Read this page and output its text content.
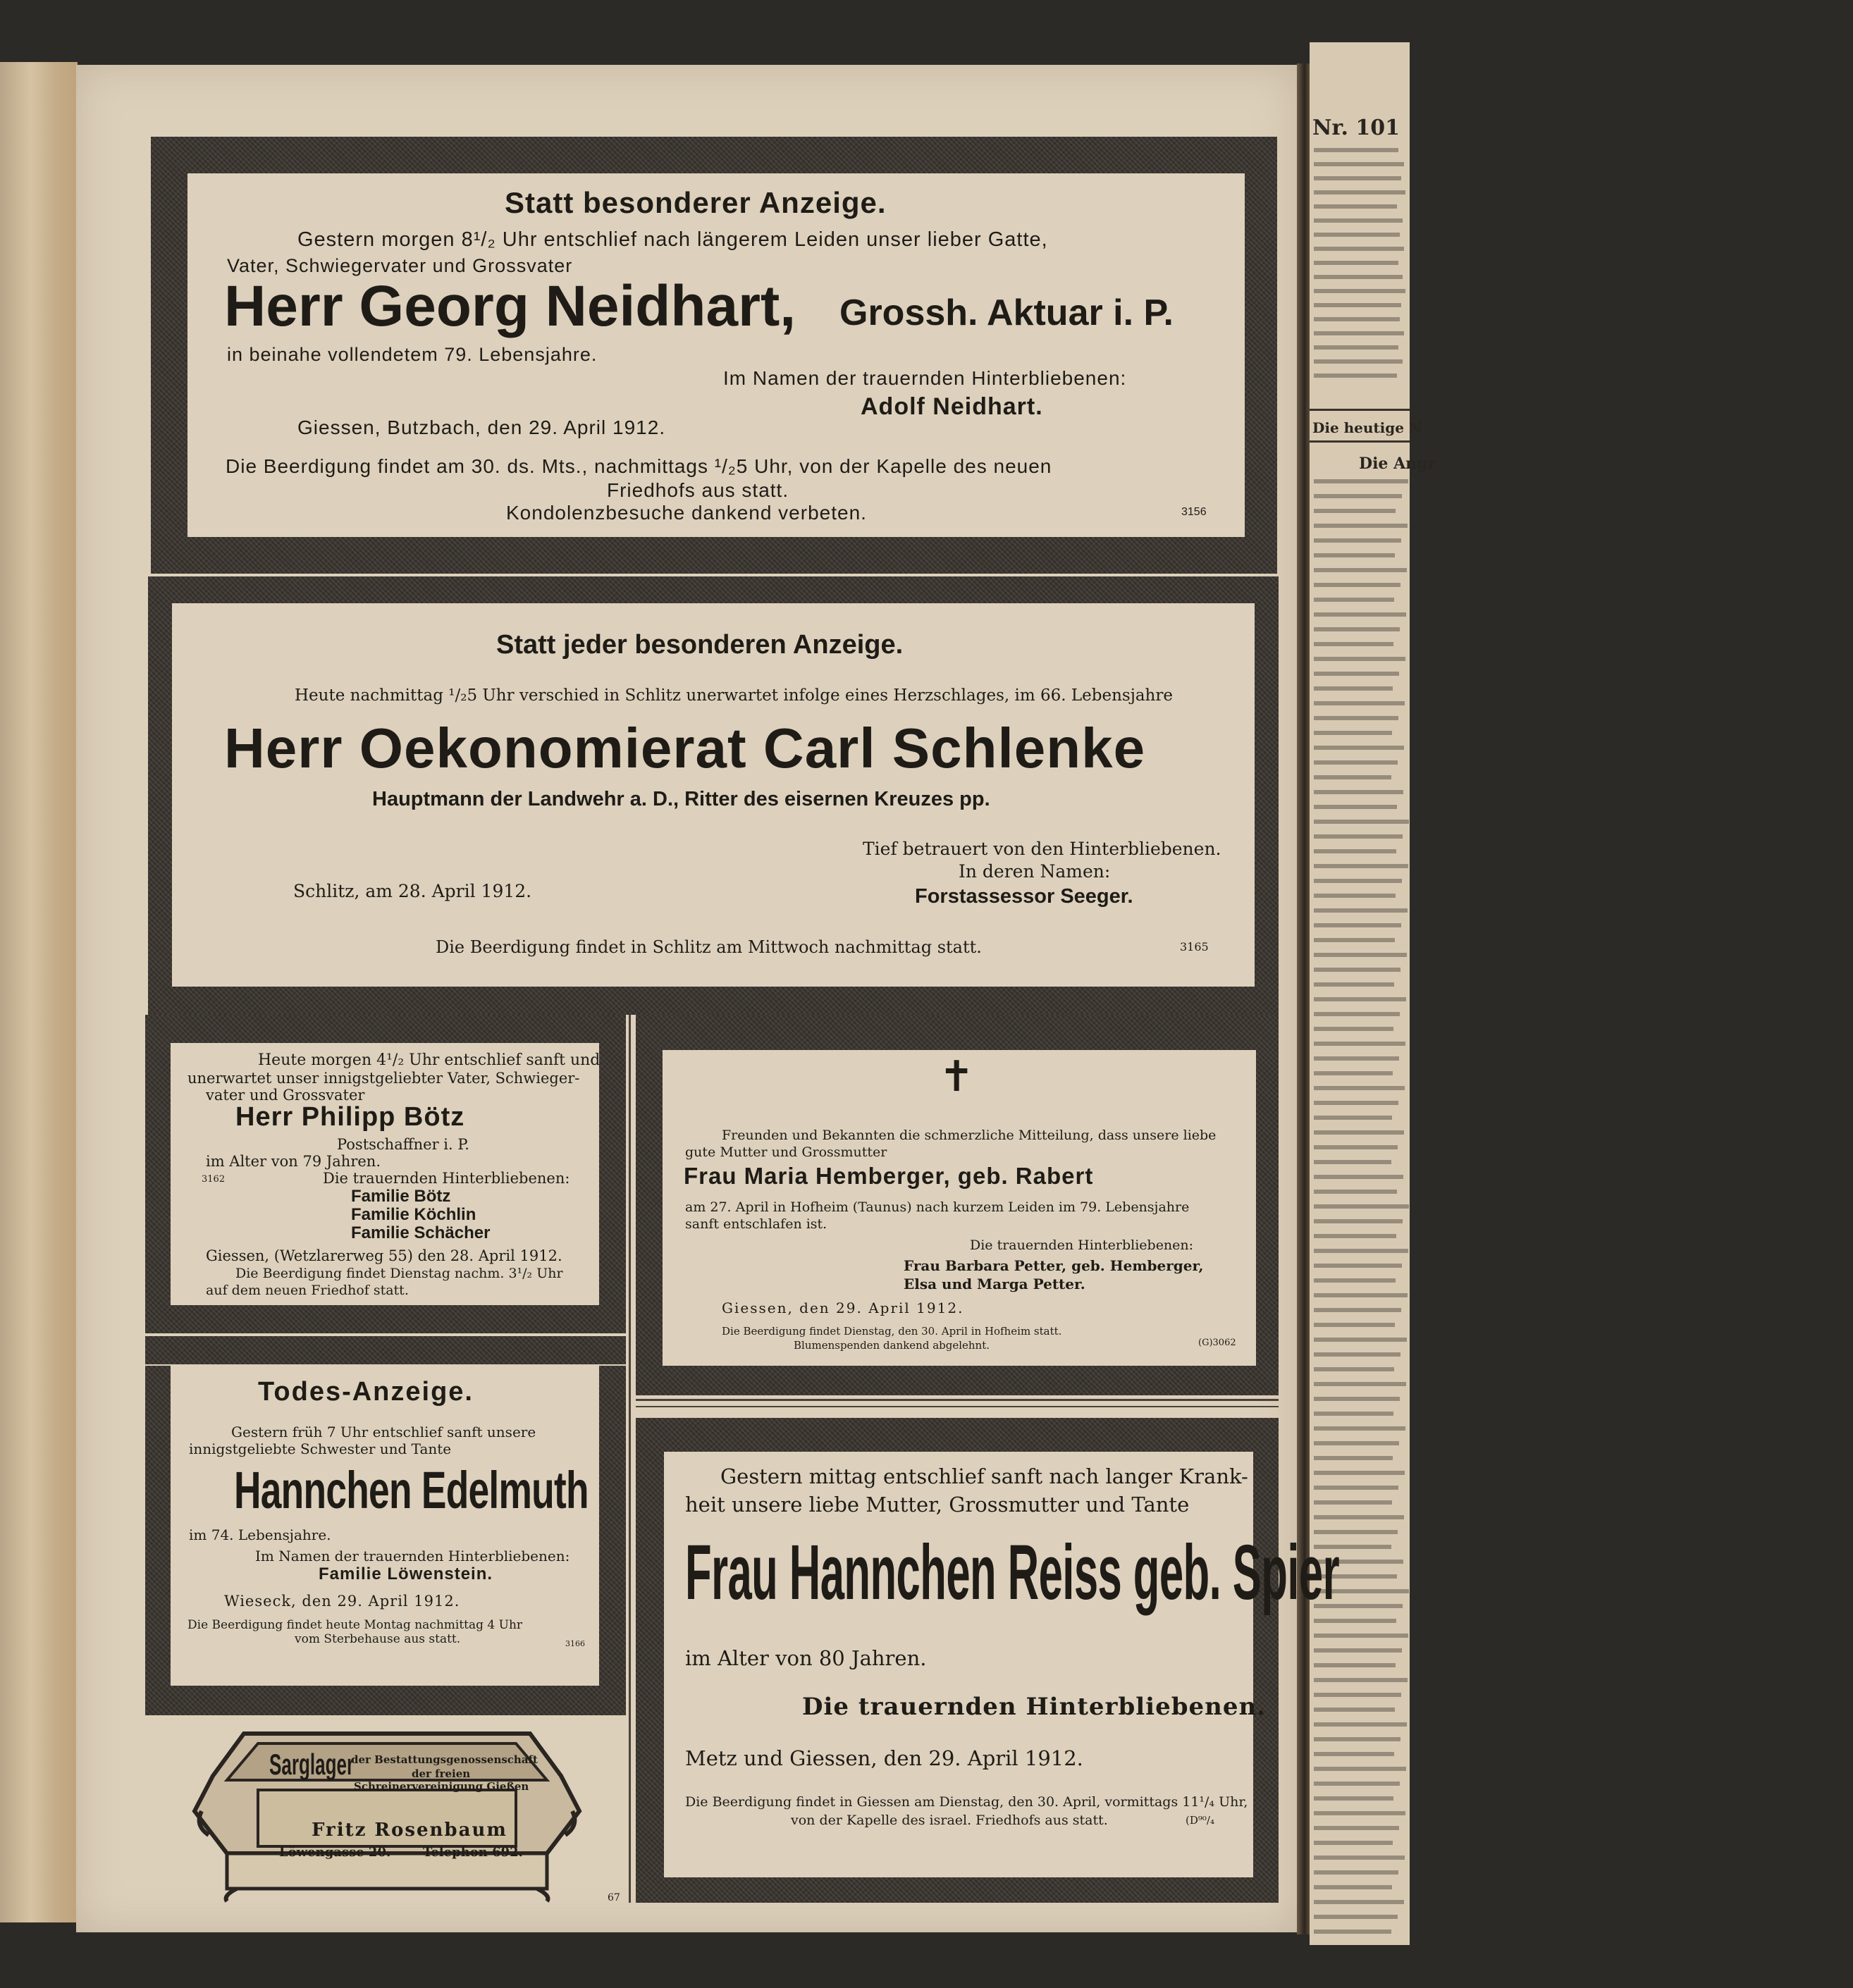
Nr. 101
Die heutige N
Die Angr
Statt besonderer Anzeige.
Gestern morgen 8¹/₂ Uhr entschlief nach längerem Leiden unser lieber Gatte,
Vater, Schwiegervater und Grossvater
Herr Georg Neidhart, Grossh. Aktuar i. P.
in beinahe vollendetem 79. Lebensjahre.
Im Namen der trauernden Hinterbliebenen:
Adolf Neidhart.
Giessen, Butzbach, den 29. April 1912.
Die Beerdigung findet am 30. ds. Mts., nachmittags ¹/₂5 Uhr, von der Kapelle des neuen
Friedhofs aus statt.
Kondolenzbesuche dankend verbeten.	3156
Statt jeder besonderen Anzeige.
Heute nachmittag ¹/₂5 Uhr verschied in Schlitz unerwartet infolge eines Herzschlages, im 66. Lebensjahre
Herr Oekonomierat Carl Schlenke
Hauptmann der Landwehr a. D., Ritter des eisernen Kreuzes pp.
Tief betrauert von den Hinterbliebenen.
In deren Namen:
Schlitz, am 28. April 1912.	Forstassessor Seeger.
Die Beerdigung findet in Schlitz am Mittwoch nachmittag statt.	3165
Heute morgen 4¹/₂ Uhr entschlief sanft und
unerwartet unser innigstgeliebter Vater, Schwieger-
vater und Grossvater
Herr Philipp Bötz
Postschaffner i. P.
im Alter von 79 Jahren.
3162	Die trauernden Hinterbliebenen:
Familie Bötz
Familie Köchlin
Familie Schächer
Giessen, (Wetzlarerweg 55) den 28. April 1912.
Die Beerdigung findet Dienstag nachm. 3¹/₂ Uhr
auf dem neuen Friedhof statt.
✝
Freunden und Bekannten die schmerzliche Mitteilung, dass unsere liebe
gute Mutter und Grossmutter
Frau Maria Hemberger, geb. Rabert
am 27. April in Hofheim (Taunus) nach kurzem Leiden im 79. Lebensjahre
sanft entschlafen ist.
Die trauernden Hinterbliebenen:
Frau Barbara Petter, geb. Hemberger,
Elsa und Marga Petter.
Giessen, den 29. April 1912.
Die Beerdigung findet Dienstag, den 30. April in Hofheim statt.
Blumenspenden dankend abgelehnt.	(G)3062
Todes-Anzeige.
Gestern früh 7 Uhr entschlief sanft unsere
innigstgeliebte Schwester und Tante
Hannchen Edelmuth
im 74. Lebensjahre.
Im Namen der trauernden Hinterbliebenen:
Familie Löwenstein.
Wieseck, den 29. April 1912.
Die Beerdigung findet heute Montag nachmittag 4 Uhr
vom Sterbehause aus statt.	3166
Gestern mittag entschlief sanft nach langer Krank-
heit unsere liebe Mutter, Grossmutter und Tante
Frau Hannchen Reiss geb. Spier
im Alter von 80 Jahren.
Die trauernden Hinterbliebenen.
Metz und Giessen, den 29. April 1912.
Die Beerdigung findet in Giessen am Dienstag, den 30. April, vormittags 11¹/₄ Uhr,
von der Kapelle des israel. Friedhofs aus statt.	(D⁹⁰/₄
Sarglager
der Bestattungsgenossenschaft
der freien
Schreinervereinigung Gießen
Fritz Rosenbaum
Löwengasse 20.	Telephon 692.
67
